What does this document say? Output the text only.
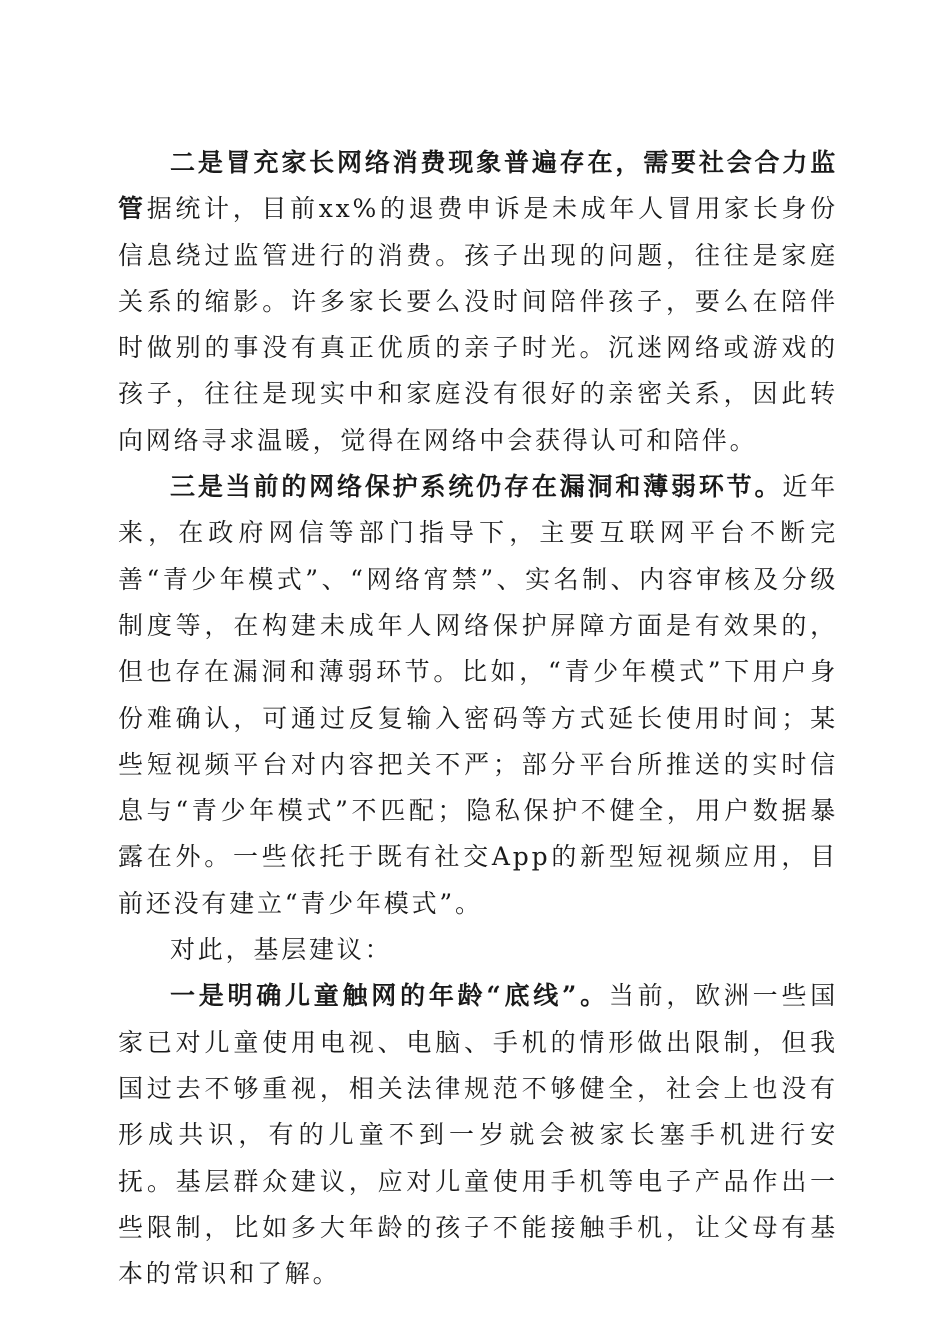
二是冒充家长网络消费现象普遍存在，需要社会合力监管据统计，目前xx%的退费申诉是未成年人冒用家长身份信息绕过监管进行的消费。孩子出现的问题，往往是家庭关系的缩影。许多家长要么没时间陪伴孩子，要么在陪伴时做别的事没有真正优质的亲子时光。沉迷网络或游戏的孩子，往往是现实中和家庭没有很好的亲密关系，因此转向网络寻求温暖，觉得在网络中会获得认可和陪伴。

三是当前的网络保护系统仍存在漏洞和薄弱环节。近年来，在政府网信等部门指导下，主要互联网平台不断完善“青少年模式”、“网络宵禁”、实名制、内容审核及分级制度等，在构建未成年人网络保护屏障方面是有效果的，但也存在漏洞和薄弱环节。比如，“青少年模式”下用户身份难确认，可通过反复输入密码等方式延长使用时间；某些短视频平台对内容把关不严；部分平台所推送的实时信息与“青少年模式”不匹配；隐私保护不健全，用户数据暴露在外。一些依托于既有社交App的新型短视频应用，目前还没有建立“青少年模式”。

对此，基层建议：

一是明确儿童触网的年龄“底线”。当前，欧洲一些国家已对儿童使用电视、电脑、手机的情形做出限制，但我国过去不够重视，相关法律规范不够健全，社会上也没有形成共识，有的儿童不到一岁就会被家长塞手机进行安抚。基层群众建议，应对儿童使用手机等电子产品作出一些限制，比如多大年龄的孩子不能接触手机，让父母有基本的常识和了解。
